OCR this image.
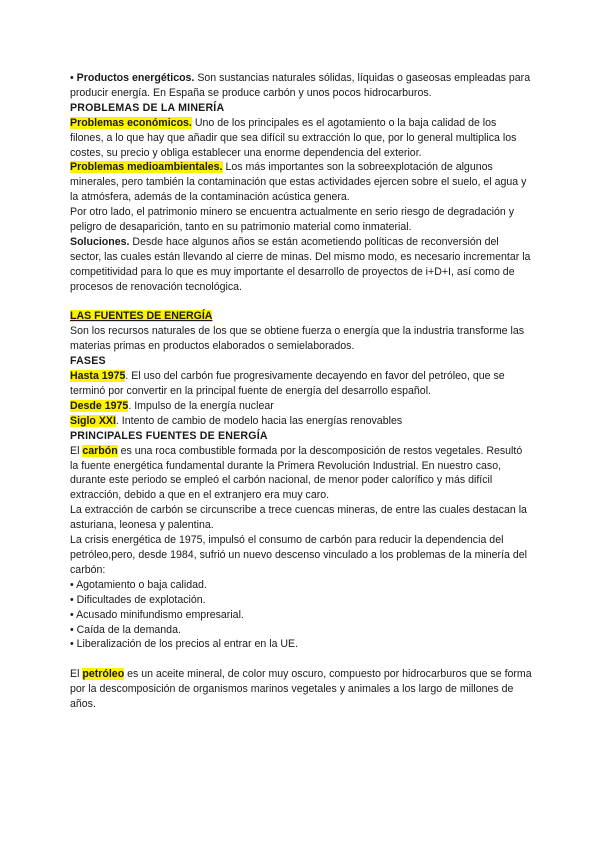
• Productos energéticos. Son sustancias naturales sólidas, líquidas o gaseosas empleadas para producir energía. En España se produce carbón y unos pocos hidrocarburos.

PROBLEMAS DE LA MINERÍA

Problemas económicos. Uno de los principales es el agotamiento o la baja calidad de los filones, a lo que hay que añadir que sea difícil su extracción lo que, por lo general multiplica los costes, su precio y obliga establecer una enorme dependencia del exterior.

Problemas medioambientales. Los más importantes son la sobreexplotación de algunos minerales, pero también la contaminación que estas actividades ejercen sobre el suelo, el agua y la atmósfera, además de la contaminación acústica genera.

Por otro lado, el patrimonio minero se encuentra actualmente en serio riesgo de degradación y peligro de desaparición, tanto en su patrimonio material como inmaterial.

Soluciones. Desde hace algunos años se están acometiendo políticas de reconversión del sector, las cuales están llevando al cierre de minas. Del mismo modo, es necesario incrementar la competitividad para lo que es muy importante el desarrollo de proyectos de i+D+I, así como de procesos de renovación tecnológica.

LAS FUENTES DE ENERGÍA

Son los recursos naturales de los que se obtiene fuerza o energía que la industria transforme las materias primas en productos elaborados o semielaborados.

FASES

Hasta 1975. El uso del carbón fue progresivamente decayendo en favor del petróleo, que se terminó por convertir en la principal fuente de energía del desarrollo español.

Desde 1975. Impulso de la energía nuclear

Siglo XXI. Intento de cambio de modelo hacia las energías renovables

PRINCIPALES FUENTES DE ENERGÍA

El carbón es una roca combustible formada por la descomposición de restos vegetales. Resultó la fuente energética fundamental durante la Primera Revolución Industrial. En nuestro caso, durante este periodo se empleó el carbón nacional, de menor poder calorífico y más difícil extracción, debido a que en el extranjero era muy caro.

La extracción de carbón se circunscribe a trece cuencas mineras, de entre las cuales destacan la asturiana, leonesa y palentina.

La crisis energética de 1975, impulsó el consumo de carbón para reducir la dependencia del petróleo,pero, desde 1984, sufrió un nuevo descenso vinculado a los problemas de la minería del carbón:

• Agotamiento o baja calidad.

• Dificultades de explotación.

• Acusado minifundismo empresarial.

• Caída de la demanda.

• Liberalización de los precios al entrar en la UE.

El petróleo es un aceite mineral, de color muy oscuro, compuesto por hidrocarburos que se forma por la descomposición de organismos marinos vegetales y animales a los largo de millones de años.
